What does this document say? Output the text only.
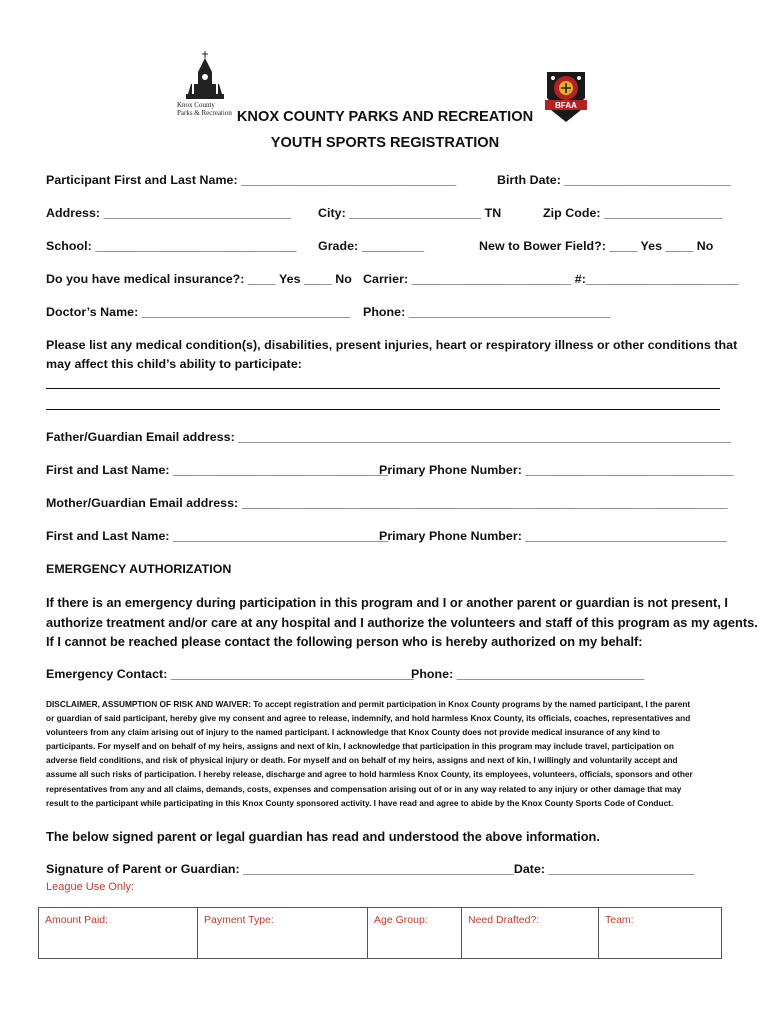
Knox County
Parks & Recreation
BFAA
KNOX COUNTY PARKS AND RECREATION
YOUTH SPORTS REGISTRATION
Participant First and Last Name: _______________________________	Birth Date: ________________________
Address: ___________________________ City: ___________________ TN	Zip Code: _________________
School: _____________________________ Grade: _________	New to Bower Field?: ____ Yes ____ No
Do you have medical insurance?: ____ Yes ____ No Carrier: _______________________ #:______________________
Doctor’s Name: ______________________________ Phone: _____________________________
Please list any medical condition(s), disabilities, present injuries, heart or respiratory illness or other conditions that
may affect this child’s ability to participate:
Father/Guardian Email address: _______________________________________________________________________
First and Last Name: _______________________________
Primary Phone Number: ______________________________
Mother/Guardian Email address: ______________________________________________________________________
First and Last Name: _______________________________
Primary Phone Number: _____________________________
EMERGENCY AUTHORIZATION
If there is an emergency during participation in this program and I or another parent or guardian is not present, I
authorize treatment and/or care at any hospital and I authorize the volunteers and staff of this program as my agents.
If I cannot be reached please contact the following person who is hereby authorized on my behalf:
Emergency Contact: ___________________________________
Phone: ___________________________
DISCLAIMER, ASSUMPTION OF RISK AND WAIVER: To accept registration and permit participation in Knox County programs by the named participant, I the parent
or guardian of said participant, hereby give my consent and agree to release, indemnify, and hold harmless Knox County, its officials, coaches, representatives and
volunteers from any claim arising out of injury to the named participant. I acknowledge that Knox County does not provide medical insurance of any kind to
participants. For myself and on behalf of my heirs, assigns and next of kin, I acknowledge that participation in this program may include travel, participation on
adverse field conditions, and risk of physical injury or death. For myself and on behalf of my heirs, assigns and next of kin, I willingly and voluntarily accept and
assume all such risks of participation. I hereby release, discharge and agree to hold harmless Knox County, its employees, volunteers, officials, sponsors and other
representatives from any and all claims, demands, costs, expenses and compensation arising out of or in any way related to any injury or other damage that may
result to the participant while participating in this Knox County sponsored activity. I have read and agree to abide by the Knox County Sports Code of Conduct.
The below signed parent or legal guardian has read and understood the above information.
Signature of Parent or Guardian: _______________________________________Date: _____________________
League Use Only:
Amount Paid:	Payment Type:	Age Group:	Need Drafted?:	Team:
